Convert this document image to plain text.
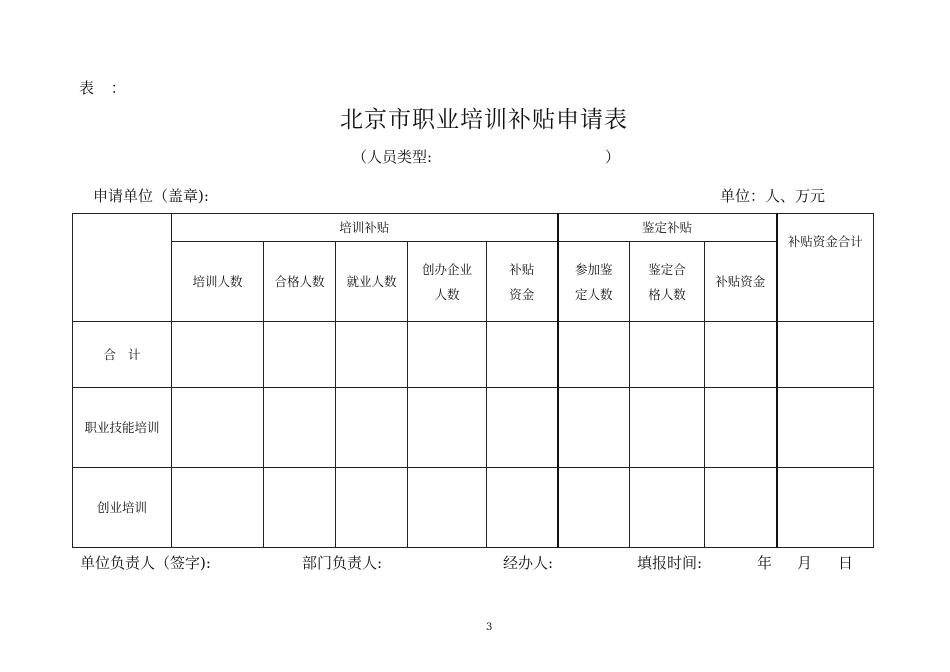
表 ：
北京市职业培训补贴申请表
（人员类型:	）
申请单位（盖章):	单位：人、万元
	培训补贴					鉴定补贴			补贴资金合计
	培训人数	合格人数	就业人数	创办企业人数	补贴资金	参加鉴定人数	鉴定合格人数	补贴资金	
合计									
职业技能培训									
创业培训									
单位负责人（签字):	部门负责人:	经办人:	填报时间:	年 月 日
3
